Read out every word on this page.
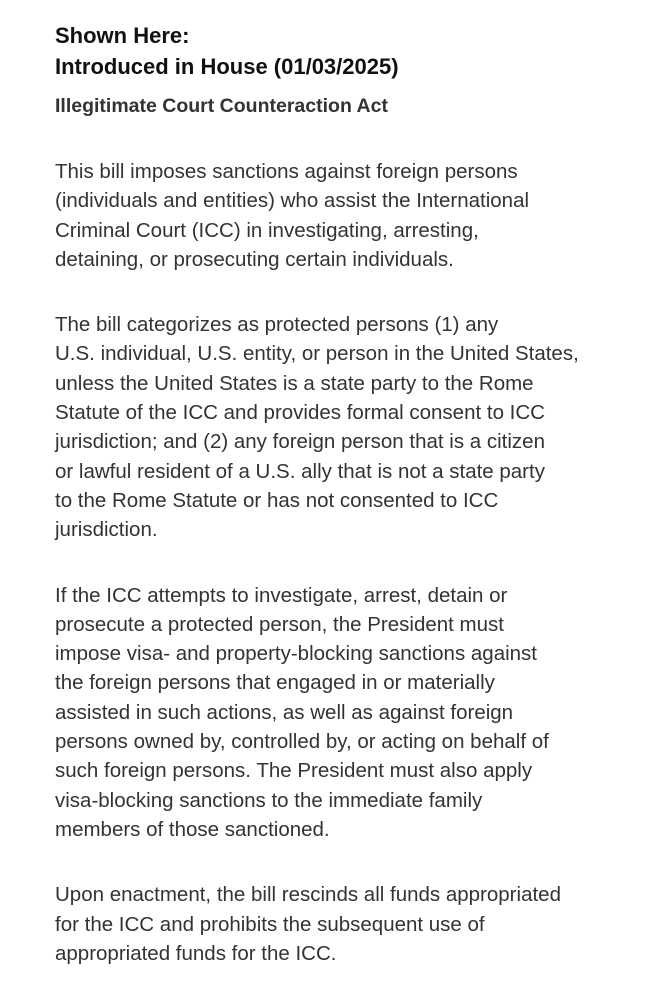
Shown Here:
Introduced in House (01/03/2025)
Illegitimate Court Counteraction Act

This bill imposes sanctions against foreign persons
(individuals and entities) who assist the International
Criminal Court (ICC) in investigating, arresting,
detaining, or prosecuting certain individuals.

The bill categorizes as protected persons (1) any
U.S. individual, U.S. entity, or person in the United States,
unless the United States is a state party to the Rome
Statute of the ICC and provides formal consent to ICC
jurisdiction; and (2) any foreign person that is a citizen
or lawful resident of a U.S. ally that is not a state party
to the Rome Statute or has not consented to ICC
jurisdiction.

If the ICC attempts to investigate, arrest, detain or
prosecute a protected person, the President must
impose visa- and property-blocking sanctions against
the foreign persons that engaged in or materially
assisted in such actions, as well as against foreign
persons owned by, controlled by, or acting on behalf of
such foreign persons. The President must also apply
visa-blocking sanctions to the immediate family
members of those sanctioned.

Upon enactment, the bill rescinds all funds appropriated
for the ICC and prohibits the subsequent use of
appropriated funds for the ICC.
